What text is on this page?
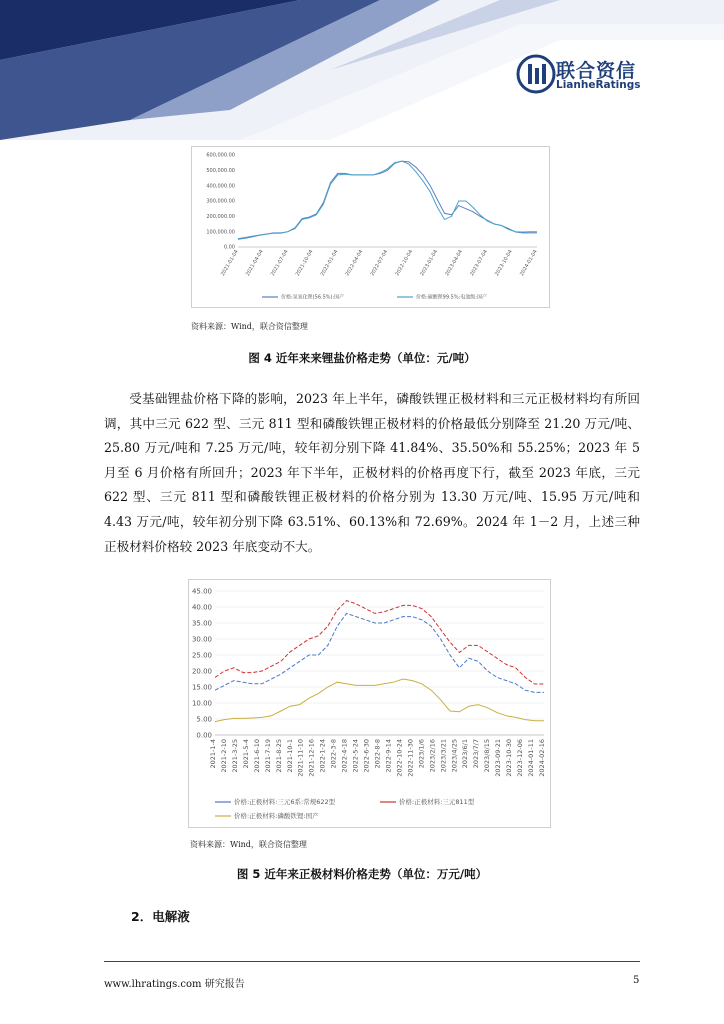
联合资信
LianheRatings
0.00
100,000.00
200,000.00
300,000.00
400,000.00
500,000.00
600,000.00
2021-01-04 2021-04-04 2021-07-04 2021-10-04 2022-01-04 2022-04-04 2022-07-04 2022-10-04 2023-01-04 2023-04-04 2023-07-04 2023-10-04 2024-01-04
价格:氢氧化锂(56.5%):国产	价格:碳酸锂99.5%:电池级:国产
资料来源：Wind，联合资信整理
图 4 近年来来锂盐价格走势（单位：元/吨）

受基础锂盐价格下降的影响，2023 年上半年，磷酸铁锂正极材料和三元正极材料均有所回调，其中三元 622 型、三元 811 型和磷酸铁锂正极材料的价格最低分别降至 21.20 万元/吨、25.80 万元/吨和 7.25 万元/吨，较年初分别下降 41.84%、35.50%和 55.25%；2023 年 5 月至 6 月价格有所回升；2023 年下半年，正极材料的价格再度下行，截至 2023 年底，三元 622 型、三元 811 型和磷酸铁锂正极材料的价格分别为 13.30 万元/吨、15.95 万元/吨和 4.43 万元/吨，较年初分别下降 63.51%、60.13%和 72.69%。2024 年 1－2 月，上述三种正极材料价格较 2023 年底变动不大。

0.00
5.00
10.00
15.00
20.00
25.00
30.00
35.00
40.00
45.00
2021-1-4 2021-2-10 2021-3-25 2021-5-4 2021-6-10 2021-7-19 2021-8-25 2021-10-1 2021-11-10 2021-12-16 2022-1-24 2022-3-8 2022-4-18 2022-5-24 2022-6-30 2022-8-8 2022-9-14 2022-10-24 2022-11-30 2023/1/6 2023/2/16 2023/3/21 2023/4/25 2023/6/1 2023/7/7 2023/8/15 2023-09-21 2023-10-30 2023-12-06 2024-01-11 2024-02-16
价格:正极材料:三元6系:常规622型	价格:正极材料:三元811型
价格:正极材料:磷酸铁锂:国产
资料来源：Wind，联合资信整理
图 5 近年来正极材料价格走势（单位：万元/吨）
2．电解液
www.lhratings.com 研究报告	5
